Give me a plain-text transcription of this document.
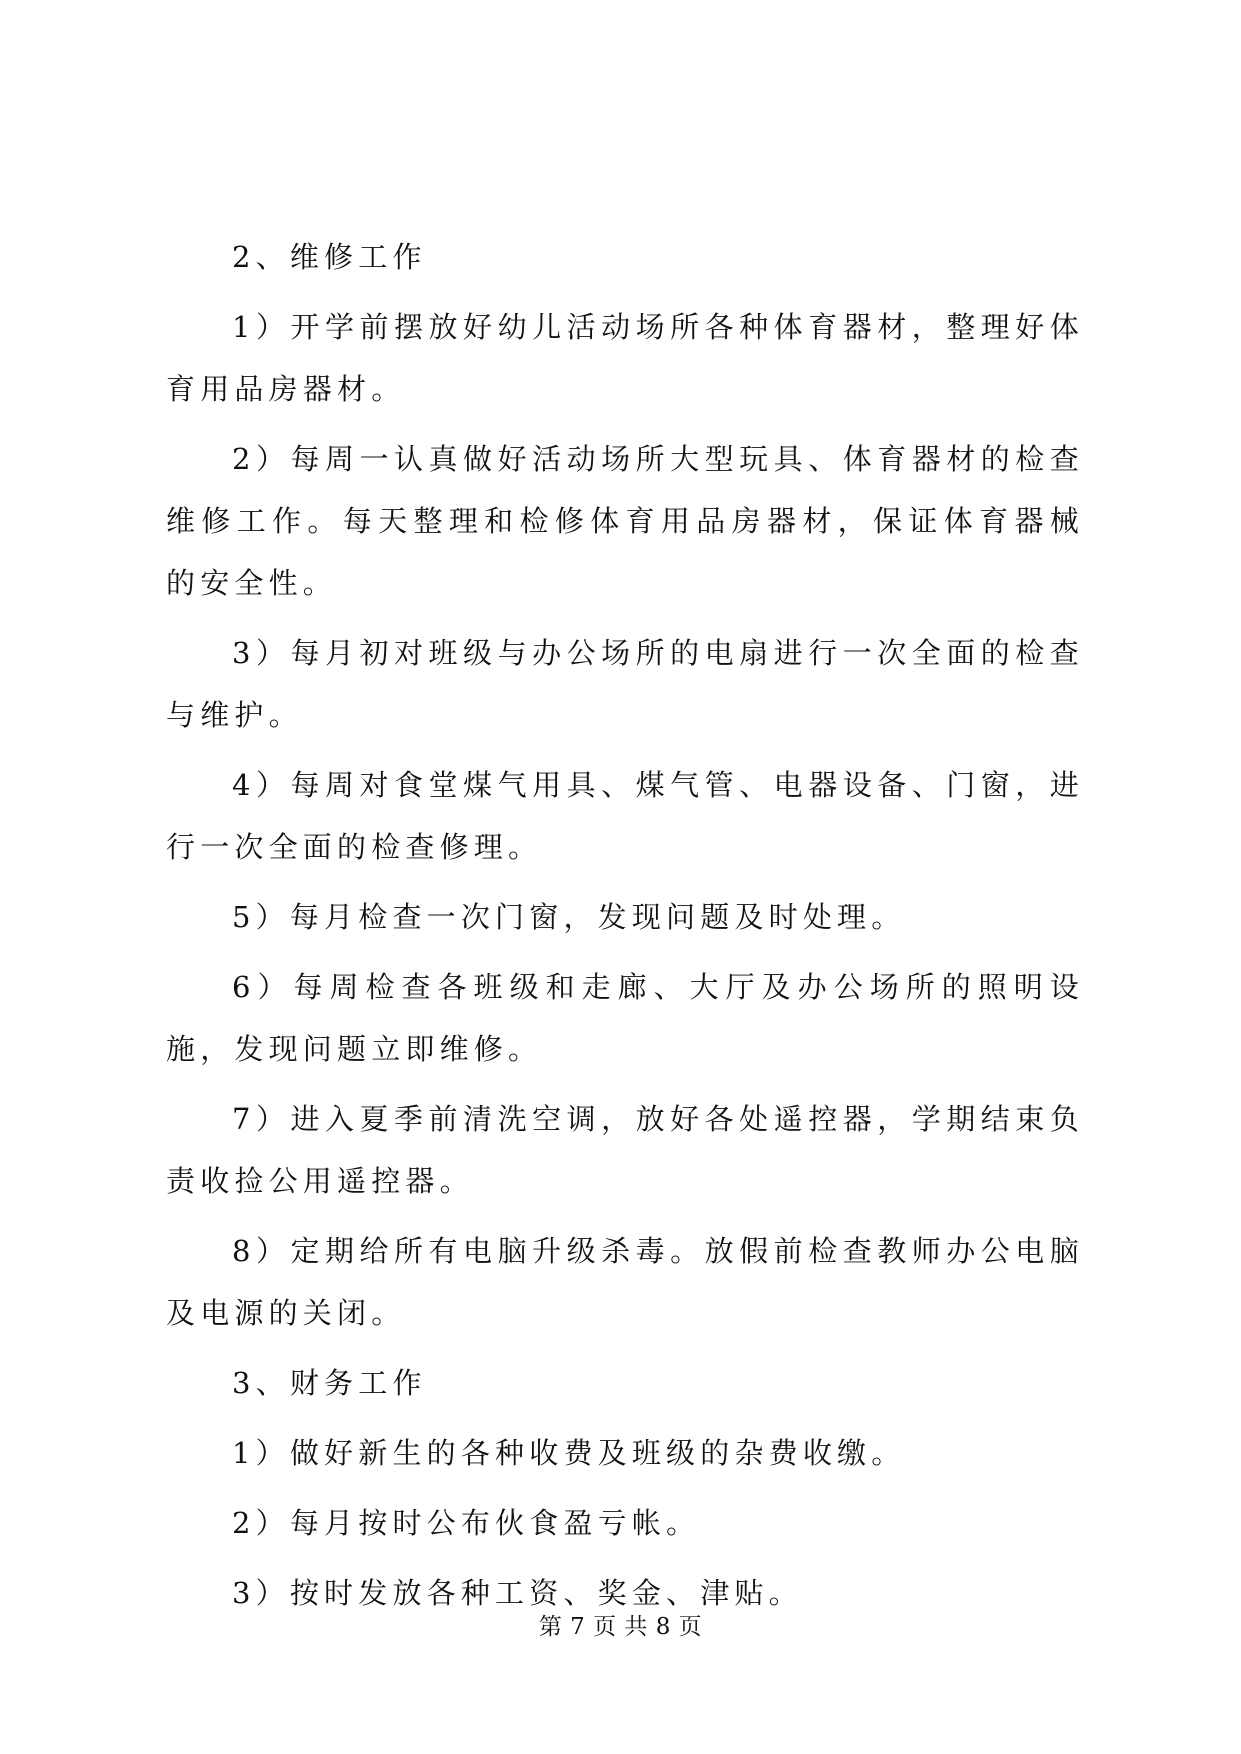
2、维修工作

1）开学前摆放好幼儿活动场所各种体育器材，整理好体育用品房器材。

2）每周一认真做好活动场所大型玩具、体育器材的检查维修工作。每天整理和检修体育用品房器材，保证体育器械的安全性。

3）每月初对班级与办公场所的电扇进行一次全面的检查与维护。

4）每周对食堂煤气用具、煤气管、电器设备、门窗，进行一次全面的检查修理。

5）每月检查一次门窗，发现问题及时处理。

6）每周检查各班级和走廊、大厅及办公场所的照明设施，发现问题立即维修。

7）进入夏季前清洗空调，放好各处遥控器，学期结束负责收捡公用遥控器。

8）定期给所有电脑升级杀毒。放假前检查教师办公电脑及电源的关闭。

3、财务工作

1）做好新生的各种收费及班级的杂费收缴。

2）每月按时公布伙食盈亏帐。

3）按时发放各种工资、奖金、津贴。

第 7 页 共 8 页
